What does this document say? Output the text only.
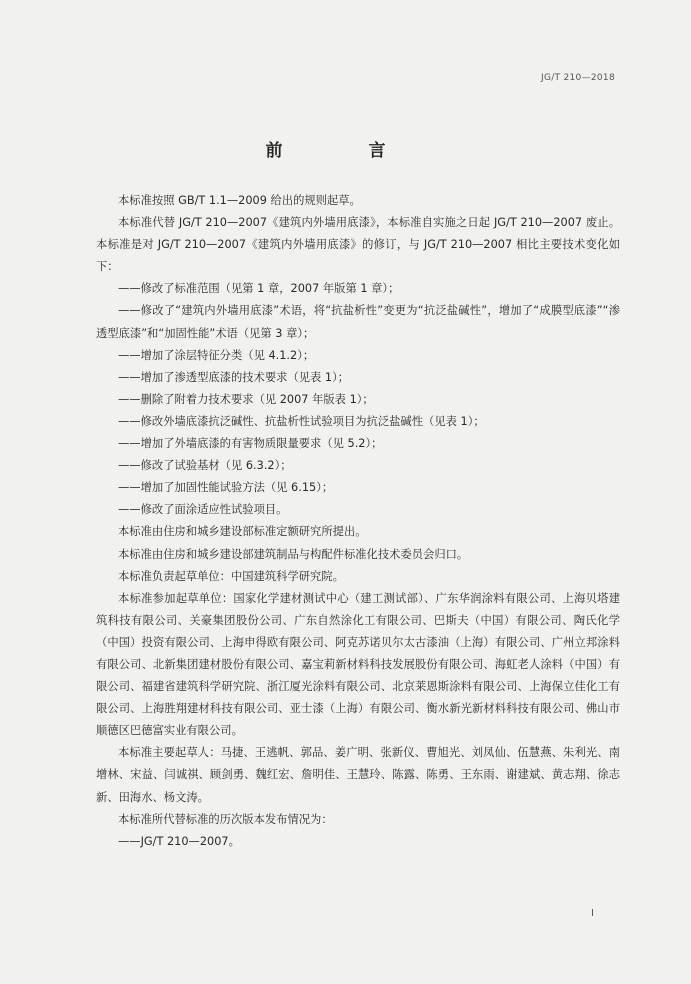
JG/T 210—2018
前 言

本标准按照 GB/T 1.1—2009 给出的规则起草。

本标准代替 JG/T 210—2007《建筑内外墙用底漆》，本标准自实施之日起 JG/T 210—2007 废止。本标准是对 JG/T 210—2007《建筑内外墙用底漆》的修订，与 JG/T 210—2007 相比主要技术变化如下：

——修改了标准范围（见第 1 章，2007 年版第 1 章）；

——修改了“建筑内外墙用底漆”术语，将“抗盐析性”变更为“抗泛盐碱性”，增加了“成膜型底漆”“渗透型底漆”和“加固性能”术语（见第 3 章）；

——增加了涂层特征分类（见 4.1.2）；

——增加了渗透型底漆的技术要求（见表 1）；

——删除了附着力技术要求（见 2007 年版表 1）；

——修改外墙底漆抗泛碱性、抗盐析性试验项目为抗泛盐碱性（见表 1）；

——增加了外墙底漆的有害物质限量要求（见 5.2）；

——修改了试验基材（见 6.3.2）；

——增加了加固性能试验方法（见 6.15）；

——修改了面涂适应性试验项目。

本标准由住房和城乡建设部标准定额研究所提出。

本标准由住房和城乡建设部建筑制品与构配件标准化技术委员会归口。

本标准负责起草单位：中国建筑科学研究院。

本标准参加起草单位：国家化学建材测试中心（建工测试部）、广东华润涂料有限公司、上海贝塔建筑科技有限公司、关豪集团股份公司、广东自然涂化工有限公司、巴斯夫（中国）有限公司、陶氏化学（中国）投资有限公司、上海申得欧有限公司、阿克苏诺贝尔太古漆油（上海）有限公司、广州立邦涂料有限公司、北新集团建材股份有限公司、嘉宝莉新材料科技发展股份有限公司、海虹老人涂料（中国）有限公司、福建省建筑科学研究院、浙江厦光涂料有限公司、北京莱恩斯涂料有限公司、上海保立佳化工有限公司、上海胜翔建材科技有限公司、亚士漆（上海）有限公司、衡水新光新材料科技有限公司、佛山市顺德区巴德富实业有限公司。

本标准主要起草人：马捷、王逃帆、郭品、姜广明、张新仪、曹旭光、刘凤仙、伍慧燕、朱利光、南增林、宋益、闫诚祺、顾剑勇、魏红宏、詹明佳、王慧玲、陈露、陈勇、王东雨、谢建斌、黄志翔、徐志新、田海水、杨文涛。

本标准所代替标准的历次版本发布情况为：

——JG/T 210—2007。

I
